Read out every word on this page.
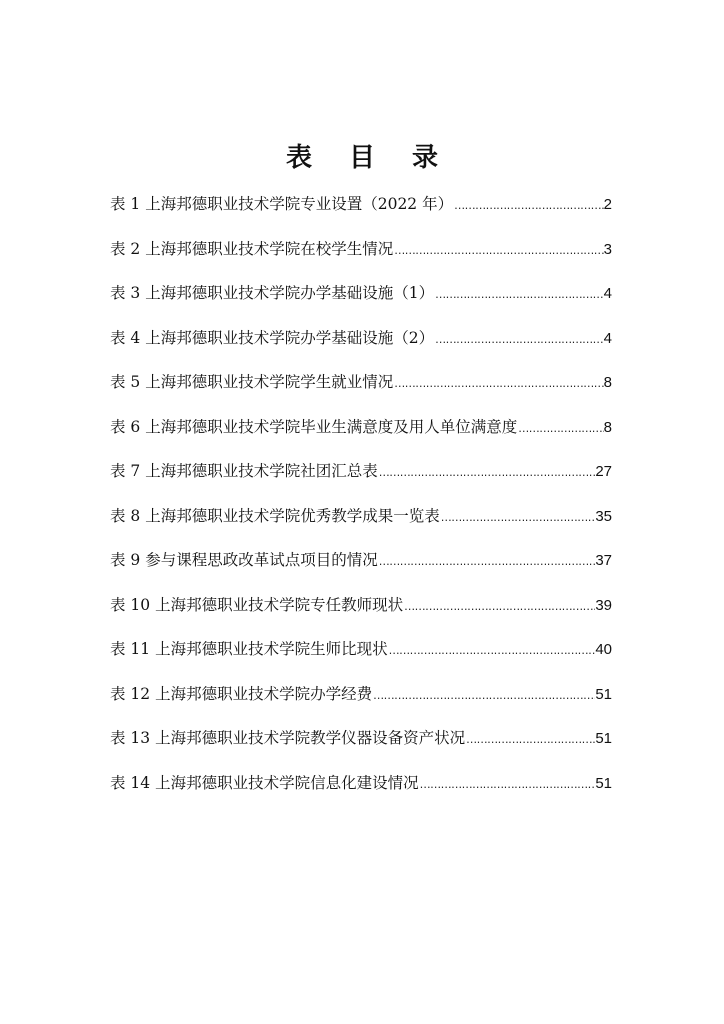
表 目 录
表 1 上海邦德职业技术学院专业设置（2022 年） …………………………………………………………………………………………………………………………………………	2
表 2 上海邦德职业技术学院在校学生情况 …………………………………………………………………………………………………………………………………………	3
表 3 上海邦德职业技术学院办学基础设施（1） …………………………………………………………………………………………………………………………………………	4
表 4 上海邦德职业技术学院办学基础设施（2） …………………………………………………………………………………………………………………………………………	4
表 5 上海邦德职业技术学院学生就业情况 …………………………………………………………………………………………………………………………………………	8
表 6 上海邦德职业技术学院毕业生满意度及用人单位满意度 …………………………………………………………………………………………………………………………………………	8
表 7 上海邦德职业技术学院社团汇总表 …………………………………………………………………………………………………………………………………………	27
表 8 上海邦德职业技术学院优秀教学成果一览表 …………………………………………………………………………………………………………………………………………	35
表 9 参与课程思政改革试点项目的情况 …………………………………………………………………………………………………………………………………………	37
表 10 上海邦德职业技术学院专任教师现状 …………………………………………………………………………………………………………………………………………	39
表 11 上海邦德职业技术学院生师比现状 …………………………………………………………………………………………………………………………………………	40
表 12 上海邦德职业技术学院办学经费 …………………………………………………………………………………………………………………………………………	51
表 13 上海邦德职业技术学院教学仪器设备资产状况 …………………………………………………………………………………………………………………………………………	51
表 14 上海邦德职业技术学院信息化建设情况 …………………………………………………………………………………………………………………………………………	51
